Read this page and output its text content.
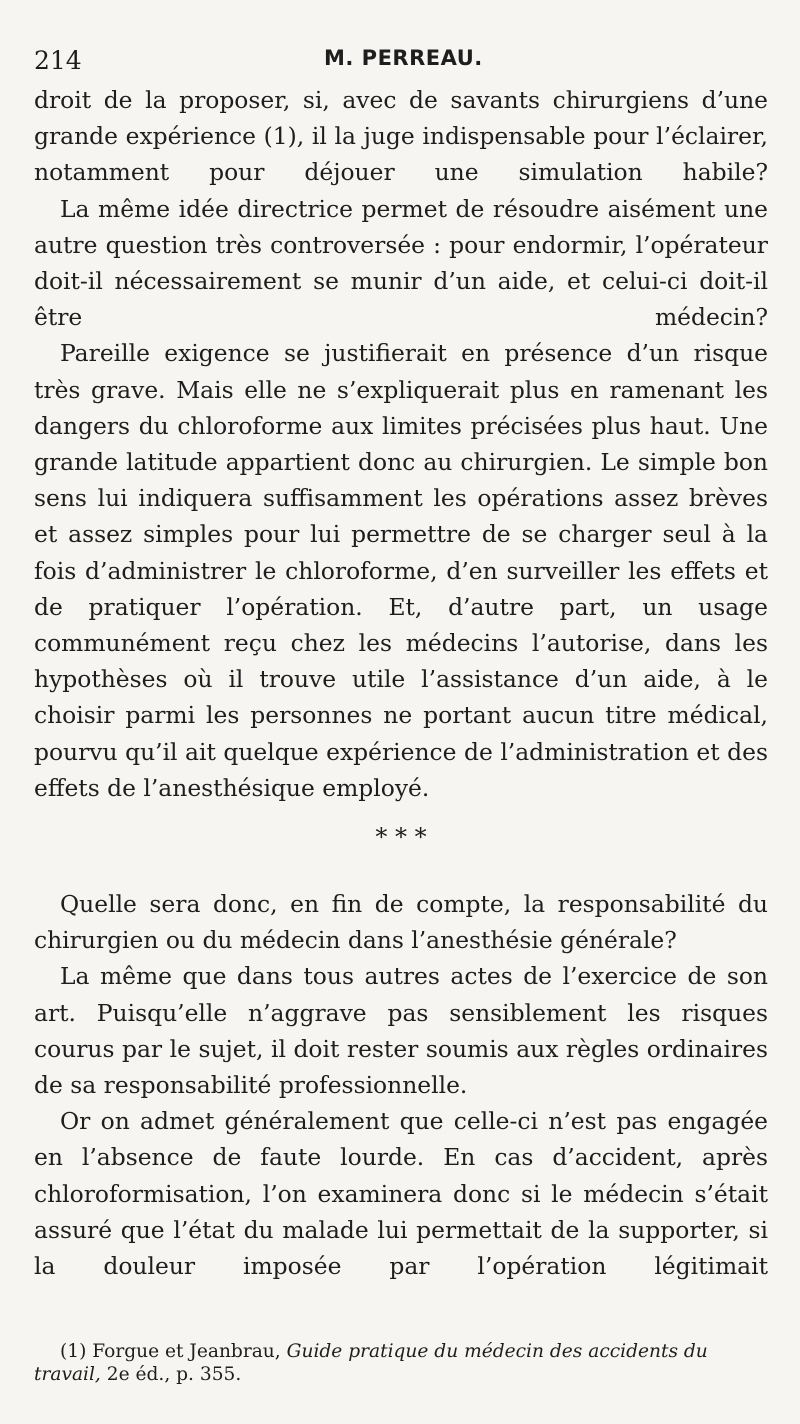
214	M. PERREAU.

droit de la proposer, si, avec de savants chirurgiens d’une grande expérience (1), il la juge indispensable pour l’éclairer, notamment pour déjouer une simulation habile?

La même idée directrice permet de résoudre aisément une autre question très controversée : pour endormir, l’opérateur doit-il nécessairement se munir d’un aide, et celui-ci doit-il être médecin?

Pareille exigence se justifierait en présence d’un risque très grave. Mais elle ne s’expliquerait plus en ramenant les dangers du chloroforme aux limites précisées plus haut. Une grande latitude appartient donc au chirurgien. Le simple bon sens lui indiquera suffisamment les opérations assez brèves et assez simples pour lui permettre de se charger seul à la fois d’administrer le chloroforme, d’en surveiller les effets et de pratiquer l’opération. Et, d’autre part, un usage communément reçu chez les médecins l’autorise, dans les hypothèses où il trouve utile l’assistance d’un aide, à le choisir parmi les personnes ne portant aucun titre médical, pourvu qu’il ait quelque expérience de l’administration et des effets de l’anesthésique employé.

* * *

Quelle sera donc, en fin de compte, la responsabilité du chirurgien ou du médecin dans l’anesthésie générale?

La même que dans tous autres actes de l’exercice de son art. Puisqu’elle n’aggrave pas sensiblement les risques courus par le sujet, il doit rester soumis aux règles ordinaires de sa responsabilité professionnelle.

Or on admet généralement que celle-ci n’est pas engagée en l’absence de faute lourde. En cas d’accident, après chloroformisation, l’on examinera donc si le médecin s’était assuré que l’état du malade lui permettait de la supporter, si la douleur imposée par l’opération légitimait

(1) Forgue et Jeanbrau, Guide pratique du médecin des accidents du travail, 2e éd., p. 355.
